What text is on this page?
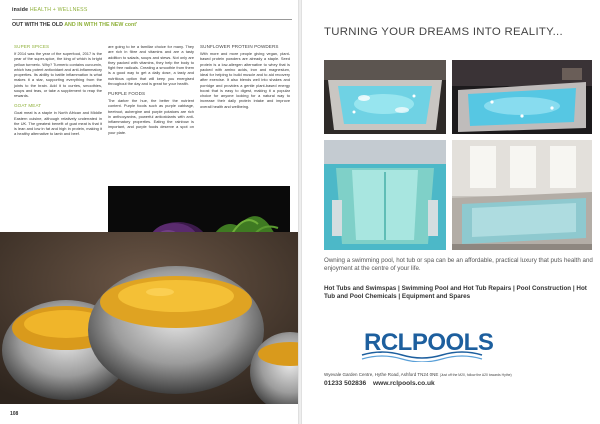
inside HEALTH + WELLNESS
OUT WITH THE OLD AND IN WITH THE NEW cont'
SUPER SPICES

If 2014 was the year of the superfood, 2017 is the year of the super-spice, the king of which is bright yellow turmeric. Why? Turmeric contains curcumin, which has potent antioxidant and anti-inflammatory properties. Its ability to battle inflammation is what makes it a star, supporting everything from the joints to the brain. Add it to curries, smoothies, soups and teas, or take a supplement to reap the rewards.

GOAT MEAT

Goat meat is a staple in North African and Middle Eastern cuisine, although relatively underrated in the UK. The greatest benefit of goat meat is that it is lean and low in fat and high in protein, making it a healthy alternative to lamb and beef.

are going to be a familiar choice for many. They are rich in fibre and vitamins and are a tasty addition to salads, soups and stews. Not only are they packed with vitamins, they help the body to fight free radicals. Creating a smoothie from them is a good way to get a daily dose, a tasty and nutritious option that will keep you energised throughout the day and is great for your health.

PURPLE FOODS

The darker the hue, the better the nutrient content. Purple foods such as purple cabbage, beetroot, aubergine and purple potatoes are rich in anthocyanins, powerful antioxidants with anti-inflammatory properties. Eating the rainbow is important, and purple foods deserve a spot on your plate.

SUNFLOWER PROTEIN POWDERS

With more and more people giving vegan, plant-based protein powders are already a staple. Seed protein is a low-allergen alternative to whey that is packed with amino acids, iron and magnesium, ideal for helping to build muscle and to aid recovery after exercise. It also blends well into shakes and porridge and provides a gentle plant-based energy boost that is easy to digest, making it a popular choice for anyone looking for a natural way to increase their daily protein intake and improve overall health and wellbeing.

108
TURNING YOUR DREAMS INTO REALITY...
Owning a swimming pool, hot tub or spa can be an affordable, practical luxury that puts health and enjoyment at the centre of your life.
Hot Tubs and Swimspas | Swimming Pool and Hot Tub Repairs | Pool Construction | Hot Tub and Pool Chemicals | Equipment and Spares
RCLPOOLS
Wyevale Garden Centre, Hythe Road, Ashford TN24 0NE (Just off the M20, follow the A20 towards Hythe)
01233 502836 www.rclpools.co.uk
